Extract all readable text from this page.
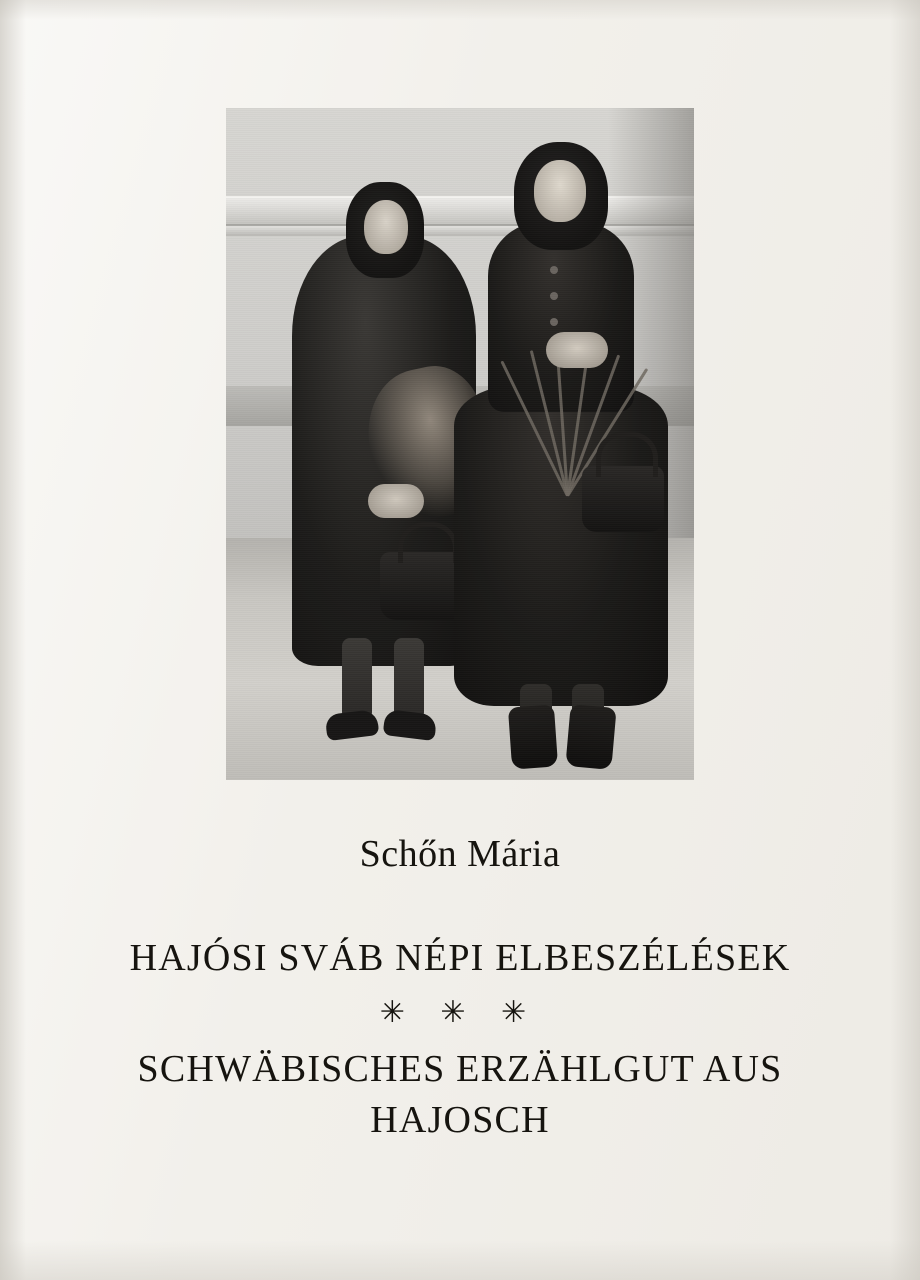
Schőn Mária

HAJÓSI SVÁB NÉPI ELBESZÉLÉSEK

✳ ✳ ✳

SCHWÄBISCHES ERZÄHLGUT AUS
HAJOSCH
